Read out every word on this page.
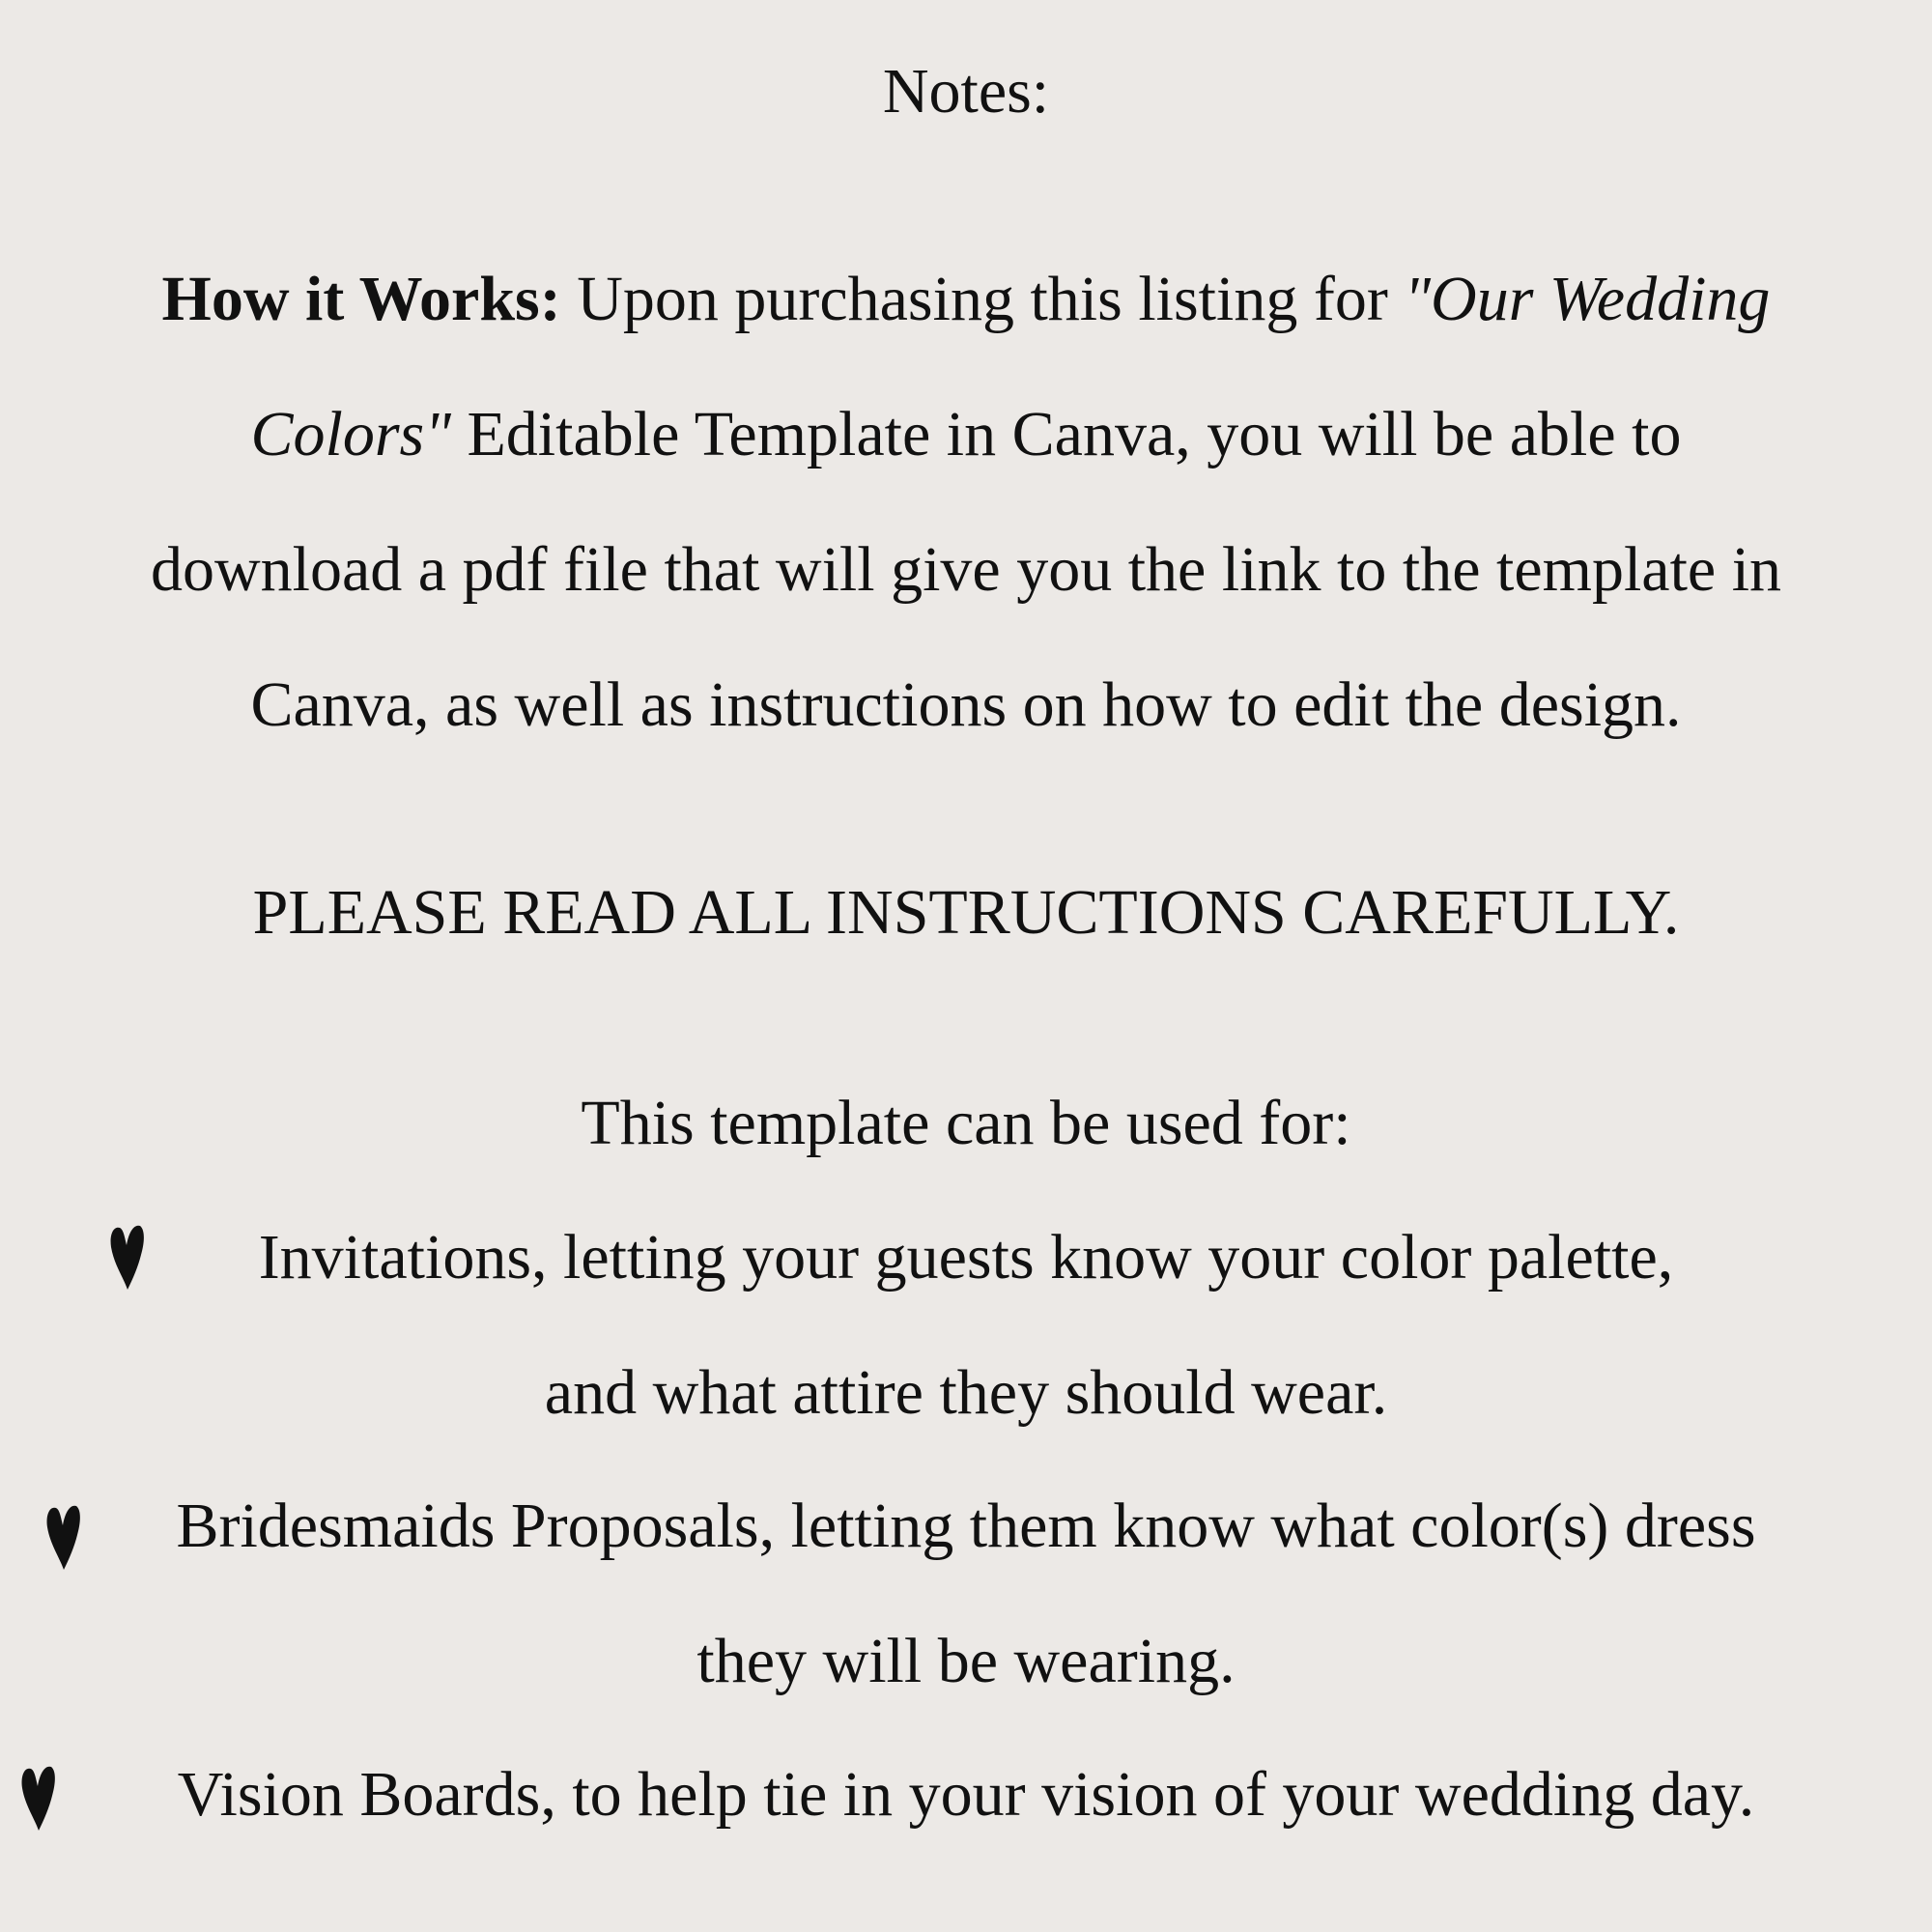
Notes:
How it Works: Upon purchasing this listing for "Our Wedding
Colors" Editable Template in Canva, you will be able to
download a pdf file that will give you the link to the template in
Canva, as well as instructions on how to edit the design.
PLEASE READ ALL INSTRUCTIONS CAREFULLY.
This template can be used for:
Invitations, letting your guests know your color palette,
and what attire they should wear.
Bridesmaids Proposals, letting them know what color(s) dress
they will be wearing.
Vision Boards, to help tie in your vision of your wedding day.
